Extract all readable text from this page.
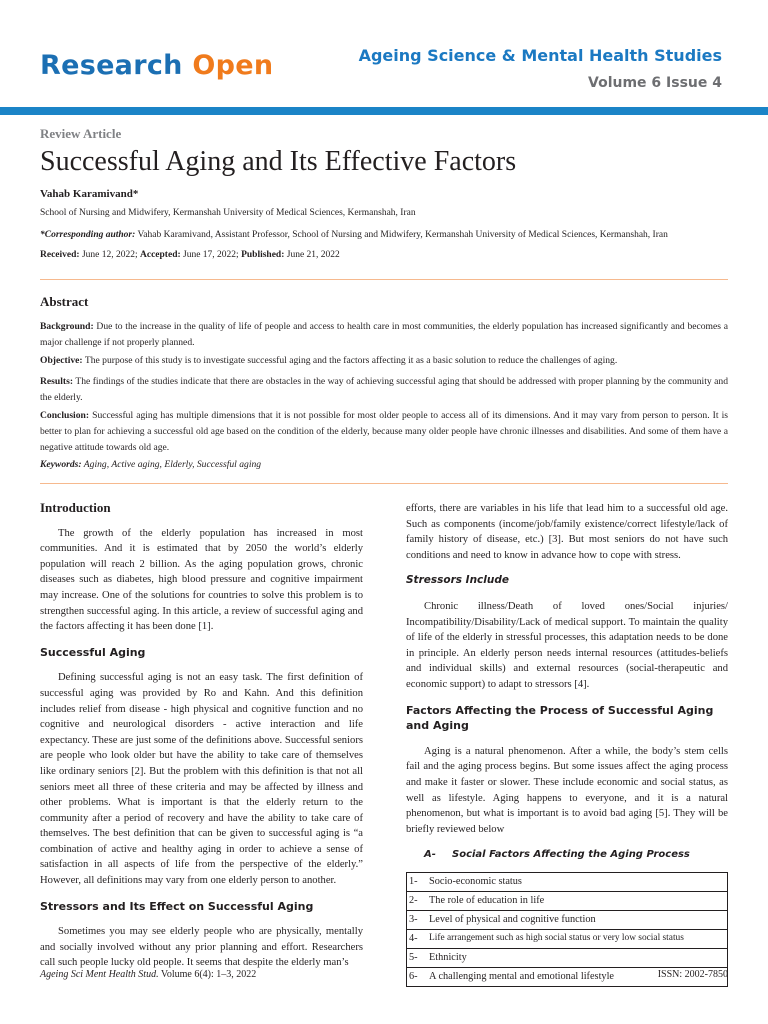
Research Open	Ageing Science & Mental Health Studies
Volume 6 Issue 4
Review Article
Successful Aging and Its Effective Factors
Vahab Karamivand*
School of Nursing and Midwifery, Kermanshah University of Medical Sciences, Kermanshah, Iran
*Corresponding author: Vahab Karamivand, Assistant Professor, School of Nursing and Midwifery, Kermanshah University of Medical Sciences, Kermanshah, Iran
Received: June 12, 2022; Accepted: June 17, 2022; Published: June 21, 2022
Abstract

Background: Due to the increase in the quality of life of people and access to health care in most communities, the elderly population has increased significantly and becomes a major challenge if not properly planned.

Objective: The purpose of this study is to investigate successful aging and the factors affecting it as a basic solution to reduce the challenges of aging.

Results: The findings of the studies indicate that there are obstacles in the way of achieving successful aging that should be addressed with proper planning by the community and the elderly.

Conclusion: Successful aging has multiple dimensions that it is not possible for most older people to access all of its dimensions. And it may vary from person to person. It is better to plan for achieving a successful old age based on the condition of the elderly, because many older people have chronic illnesses and disabilities. And some of them have a negative attitude towards old age.

Keywords: Aging, Active aging, Elderly, Successful aging
Introduction

The growth of the elderly population has increased in most communities. And it is estimated that by 2050 the world’s elderly population will reach 2 billion. As the aging population grows, chronic diseases such as diabetes, high blood pressure and cognitive impairment may increase. One of the solutions for countries to solve this problem is to strengthen successful aging. In this article, a review of successful aging and the factors affecting it has been done [1].

Successful Aging

Defining successful aging is not an easy task. The first definition of successful aging was provided by Ro and Kahn. And this definition includes relief from disease - high physical and cognitive function and no cognitive and neurological disorders - active interaction and life expectancy. These are just some of the definitions above. Successful seniors are people who look older but have the ability to take care of themselves like ordinary seniors [2]. But the problem with this definition is that not all seniors meet all three of these criteria and may be affected by illness and other problems. What is important is that the elderly return to the community after a period of recovery and have the ability to take care of themselves. The best definition that can be given to successful aging is “a combination of active and healthy aging in order to achieve a sense of satisfaction in all aspects of life from the perspective of the elderly.” However, all definitions may vary from one elderly person to another.

Stressors and Its Effect on Successful Aging

Sometimes you may see elderly people who are physically, mentally and socially involved without any prior planning and effort. Researchers call such people lucky old people. It seems that despite the elderly man’s

efforts, there are variables in his life that lead him to a successful old age. Such as components (income/job/family existence/correct lifestyle/lack of family history of disease, etc.) [3]. But most seniors do not have such conditions and need to know in advance how to cope with stress.

Stressors Include

Chronic illness/Death of loved ones/Social injuries/ Incompatibility/Disability/Lack of medical support. To maintain the quality of life of the elderly in stressful processes, this adaptation needs to be done in principle. An elderly person needs internal resources (attitudes-beliefs and individual skills) and external resources (social-therapeutic and economic support) to adapt to stressors [4].

Factors Affecting the Process of Successful Aging and Aging

Aging is a natural phenomenon. After a while, the body’s stem cells fail and the aging process begins. But some issues affect the aging process and make it faster or slower. These include economic and social status, as well as lifestyle. Aging happens to everyone, and it is a natural phenomenon, but what is important is to avoid bad aging [5]. They will be briefly reviewed below

A- Social Factors Affecting the Aging Process
1-	Socio-economic status
2-	The role of education in life
3-	Level of physical and cognitive function
4-	Life arrangement such as high social status or very low social status
5-	Ethnicity
6-	A challenging mental and emotional lifestyle
Ageing Sci Ment Health Stud. Volume 6(4): 1–3, 2022	ISSN: 2002-7850
